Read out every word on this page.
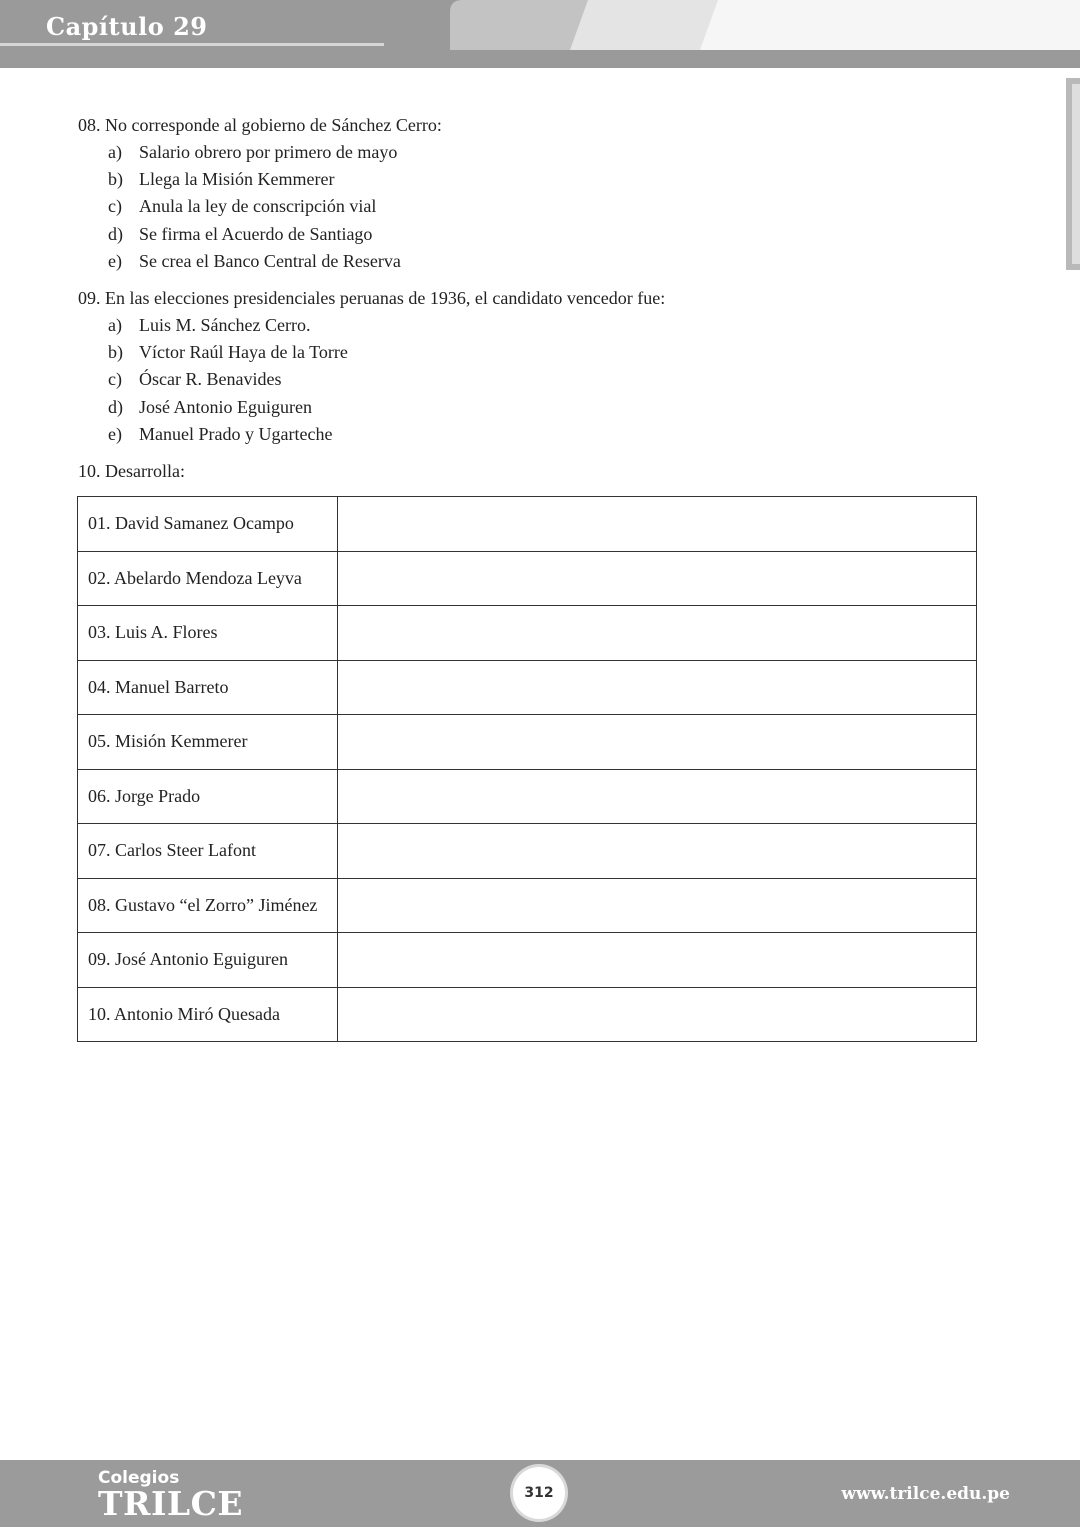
Capítulo 29
08. No corresponde al gobierno de Sánchez Cerro:
a) Salario obrero por primero de mayo
b) Llega la Misión Kemmerer
c) Anula la ley de conscripción vial
d) Se firma el Acuerdo de Santiago
e) Se crea el Banco Central de Reserva
09. En las elecciones presidenciales peruanas de 1936, el candidato vencedor fue:
a) Luis M. Sánchez Cerro.
b) Víctor Raúl Haya de la Torre
c) Óscar R. Benavides
d) José Antonio Eguiguren
e) Manuel Prado y Ugarteche
10. Desarrolla:
01. David Samanez Ocampo	
02. Abelardo Mendoza Leyva	
03. Luis A. Flores	
04. Manuel Barreto	
05. Misión Kemmerer	
06. Jorge Prado	
07. Carlos Steer Lafont	
08. Gustavo “el Zorro” Jiménez	
09. José Antonio Eguiguren	
10. Antonio Miró Quesada	
Colegios
TRILCE	312	www.trilce.edu.pe
